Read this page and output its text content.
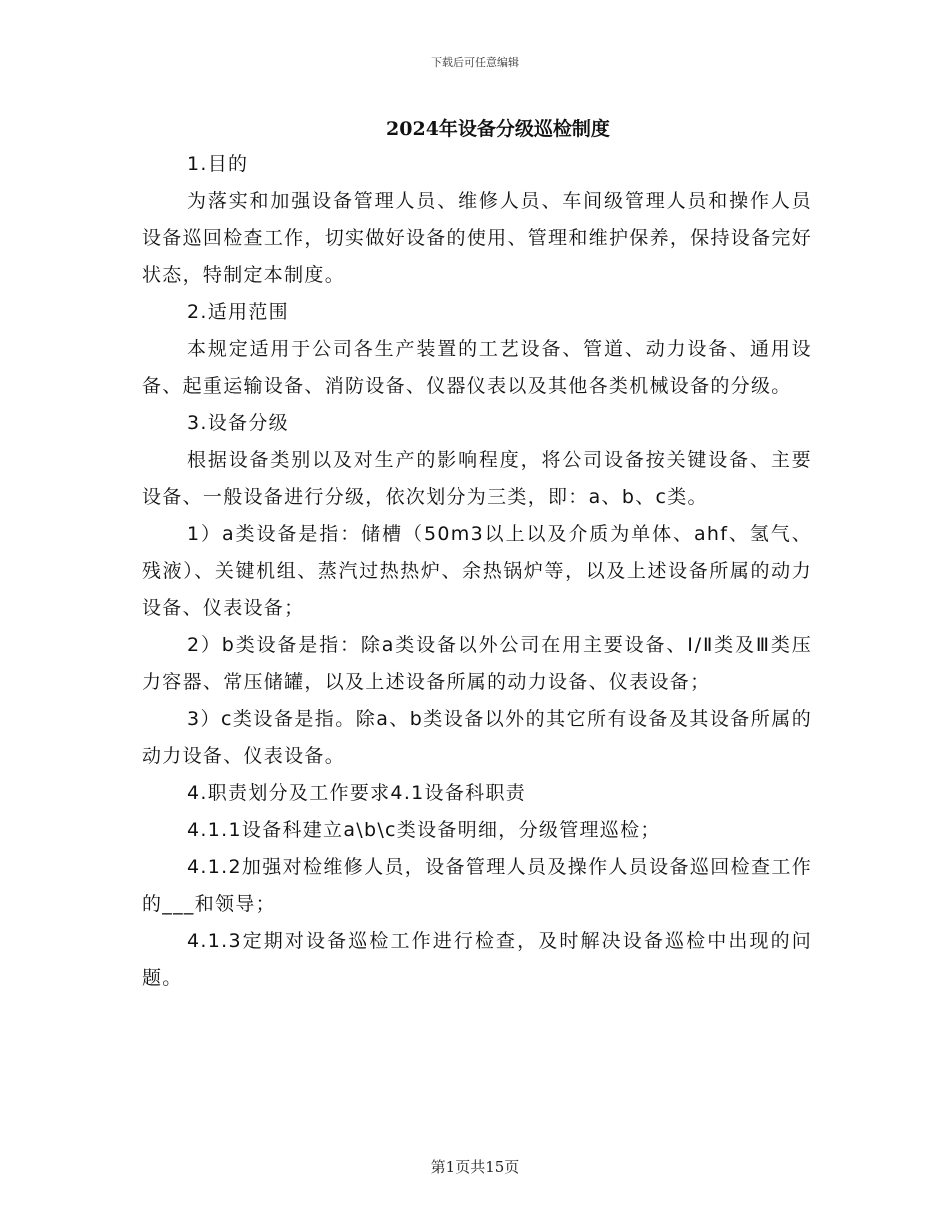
下载后可任意编辑
2024年设备分级巡检制度

1.目的

为落实和加强设备管理人员、维修人员、车间级管理人员和操作人员设备巡回检查工作，切实做好设备的使用、管理和维护保养，保持设备完好状态，特制定本制度。

2.适用范围

本规定适用于公司各生产装置的工艺设备、管道、动力设备、通用设备、起重运输设备、消防设备、仪器仪表以及其他各类机械设备的分级。

3.设备分级

根据设备类别以及对生产的影响程度，将公司设备按关键设备、主要设备、一般设备进行分级，依次划分为三类，即：a、b、c类。

1）a类设备是指：储槽（50m3以上以及介质为单体、ahf、氢气、残液）、关键机组、蒸汽过热热炉、余热锅炉等，以及上述设备所属的动力设备、仪表设备；

2）b类设备是指：除a类设备以外公司在用主要设备、Ⅰ/Ⅱ类及Ⅲ类压力容器、常压储罐，以及上述设备所属的动力设备、仪表设备；

3）c类设备是指。除a、b类设备以外的其它所有设备及其设备所属的动力设备、仪表设备。

4.职责划分及工作要求4.1设备科职责

4.1.1设备科建立a\b\c类设备明细，分级管理巡检；

4.1.2加强对检维修人员，设备管理人员及操作人员设备巡回检查工作的___和领导；

4.1.3定期对设备巡检工作进行检查，及时解决设备巡检中出现的问题。

第1页共15页
